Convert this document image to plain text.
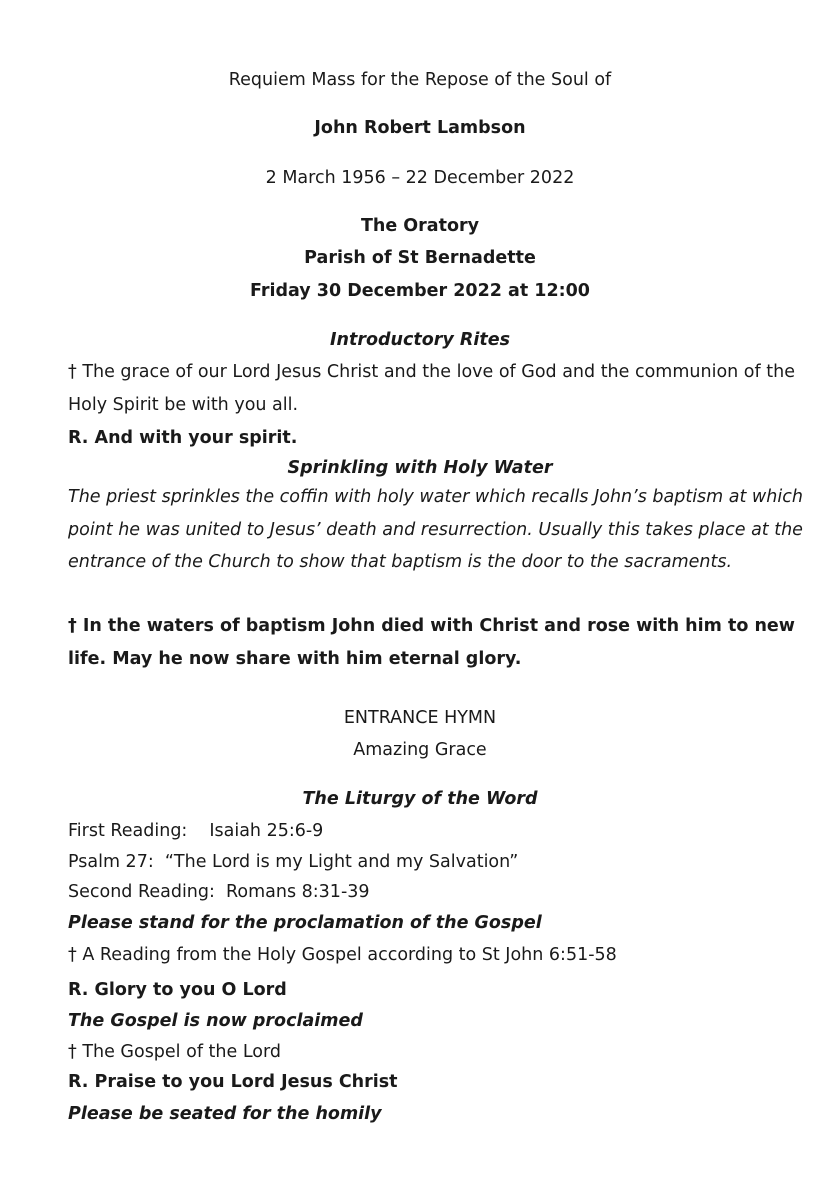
Requiem Mass for the Repose of the Soul of
John Robert Lambson
2 March 1956 – 22 December 2022
The Oratory
Parish of St Bernadette
Friday 30 December 2022 at 12:00
Introductory Rites
† The grace of our Lord Jesus Christ and the love of God and the communion of the Holy Spirit be with you all.
R. And with your spirit.
Sprinkling with Holy Water
The priest sprinkles the coffin with holy water which recalls John’s baptism at which point he was united to Jesus’ death and resurrection. Usually this takes place at the entrance of the Church to show that baptism is the door to the sacraments.
† In the waters of baptism John died with Christ and rose with him to new life. May he now share with him eternal glory.
ENTRANCE HYMN
Amazing Grace
The Liturgy of the Word
First Reading: Isaiah 25:6-9
Psalm 27:  “The Lord is my Light and my Salvation”
Second Reading:  Romans 8:31-39
Please stand for the proclamation of the Gospel
† A Reading from the Holy Gospel according to St John 6:51-58
R. Glory to you O Lord
The Gospel is now proclaimed
† The Gospel of the Lord
R. Praise to you Lord Jesus Christ
Please be seated for the homily
